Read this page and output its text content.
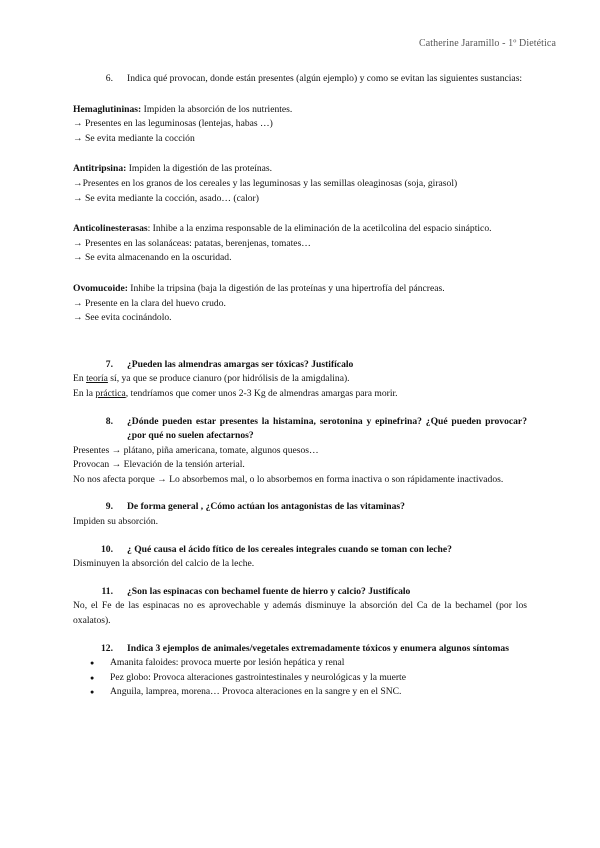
Catherine Jaramillo - 1º Dietética
6.	Indica qué provocan, donde están presentes (algún ejemplo) y como se evitan las siguientes sustancias:

Hemaglutininas: Impiden la absorción de los nutrientes.

→ Presentes en las leguminosas (lentejas, habas …)

→ Se evita mediante la cocción

Antitripsina: Impiden la digestión de las proteínas.

→Presentes en los granos de los cereales y las leguminosas y las semillas oleaginosas (soja, girasol)

→ Se evita mediante la cocción, asado… (calor)

Anticolinesterasas: Inhibe a la enzima responsable de la eliminación de la acetilcolina del espacio sináptico.

→ Presentes en las solanáceas: patatas, berenjenas, tomates…

→ Se evita almacenando en la oscuridad.

Ovomucoide: Inhibe la tripsina (baja la digestión de las proteínas y una hipertrofía del páncreas.

→ Presente en la clara del huevo crudo.

→ See evita cocinándolo.

7.	¿Pueden las almendras amargas ser tóxicas? Justifícalo

En teoría sí, ya que se produce cianuro (por hidrólisis de la amigdalina).

En la práctica, tendríamos que comer unos 2-3 Kg de almendras amargas para morir.

8.	¿Dónde pueden estar presentes la histamina, serotonina y epinefrina? ¿Qué pueden provocar? ¿por qué no suelen afectarnos?

Presentes → plátano, piña americana, tomate, algunos quesos…

Provocan → Elevación de la tensión arterial.

No nos afecta porque → Lo absorbemos mal, o lo absorbemos en forma inactiva o son rápidamente inactivados.

9.	De forma general , ¿Cómo actúan los antagonistas de las vitaminas?

Impiden su absorción.

10.	¿ Qué causa el ácido fítico de los cereales integrales cuando se toman con leche?

Disminuyen la absorción del calcio de la leche.

11.	¿Son las espinacas con bechamel fuente de hierro y calcio? Justifícalo

No, el Fe de las espinacas no es aprovechable y además disminuye la absorción del Ca de la bechamel (por los oxalatos).

12.	Indica 3 ejemplos de animales/vegetales extremadamente tóxicos y enumera algunos síntomas
●	Amanita faloides: provoca muerte por lesión hepática y renal
●	Pez globo: Provoca alteraciones gastrointestinales y neurológicas y la muerte
●	Anguila, lamprea, morena… Provoca alteraciones en la sangre y en el SNC.
